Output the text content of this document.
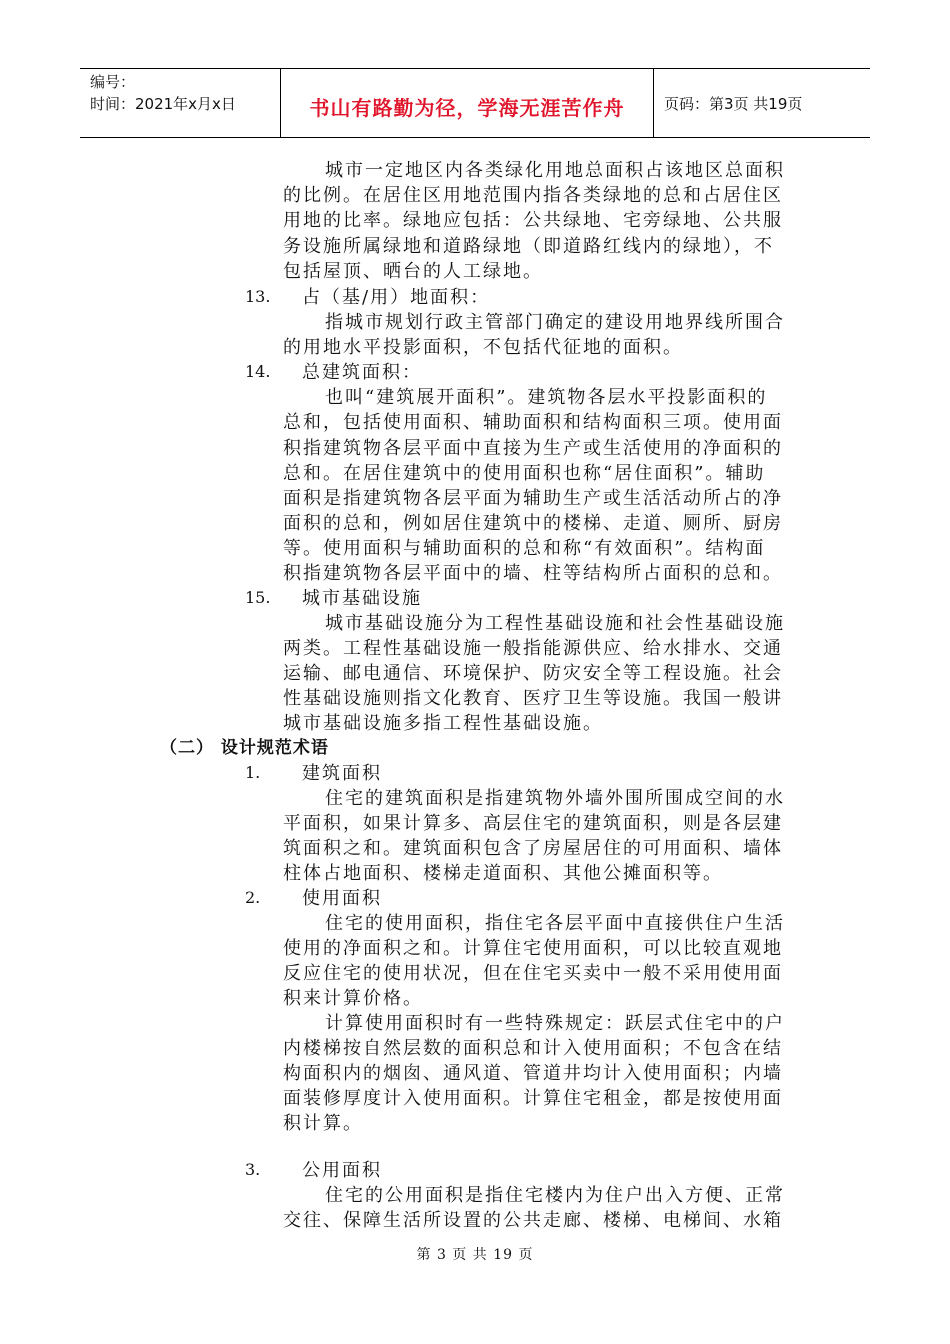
编号：
时间：2021年x月x日	书山有路勤为径，学海无涯苦作舟	页码：第3页 共19页
城市一定地区内各类绿化用地总面积占该地区总面积
的比例。在居住区用地范围内指各类绿地的总和占居住区
用地的比率。绿地应包括：公共绿地、宅旁绿地、公共服
务设施所属绿地和道路绿地（即道路红线内的绿地），不
包括屋顶、晒台的人工绿地。
13. 占（基/用）地面积：
指城市规划行政主管部门确定的建设用地界线所围合
的用地水平投影面积，不包括代征地的面积。
14. 总建筑面积：
也叫“建筑展开面积”。建筑物各层水平投影面积的
总和，包括使用面积、辅助面积和结构面积三项。使用面
积指建筑物各层平面中直接为生产或生活使用的净面积的
总和。在居住建筑中的使用面积也称“居住面积”。辅助
面积是指建筑物各层平面为辅助生产或生活活动所占的净
面积的总和，例如居住建筑中的楼梯、走道、厕所、厨房
等。使用面积与辅助面积的总和称“有效面积”。结构面
积指建筑物各层平面中的墙、柱等结构所占面积的总和。
15. 城市基础设施
城市基础设施分为工程性基础设施和社会性基础设施
两类。工程性基础设施一般指能源供应、给水排水、交通
运输、邮电通信、环境保护、防灾安全等工程设施。社会
性基础设施则指文化教育、医疗卫生等设施。我国一般讲
城市基础设施多指工程性基础设施。
（二） 设计规范术语
1. 建筑面积
住宅的建筑面积是指建筑物外墙外围所围成空间的水
平面积，如果计算多、高层住宅的建筑面积，则是各层建
筑面积之和。建筑面积包含了房屋居住的可用面积、墙体
柱体占地面积、楼梯走道面积、其他公摊面积等。
2. 使用面积
住宅的使用面积，指住宅各层平面中直接供住户生活
使用的净面积之和。计算住宅使用面积，可以比较直观地
反应住宅的使用状况，但在住宅买卖中一般不采用使用面
积来计算价格。
计算使用面积时有一些特殊规定：跃层式住宅中的户
内楼梯按自然层数的面积总和计入使用面积；不包含在结
构面积内的烟囱、通风道、管道井均计入使用面积；内墙
面装修厚度计入使用面积。计算住宅租金，都是按使用面
积计算。
3. 公用面积
住宅的公用面积是指住宅楼内为住户出入方便、正常
交往、保障生活所设置的公共走廊、楼梯、电梯间、水箱
第 3 页 共 19 页
